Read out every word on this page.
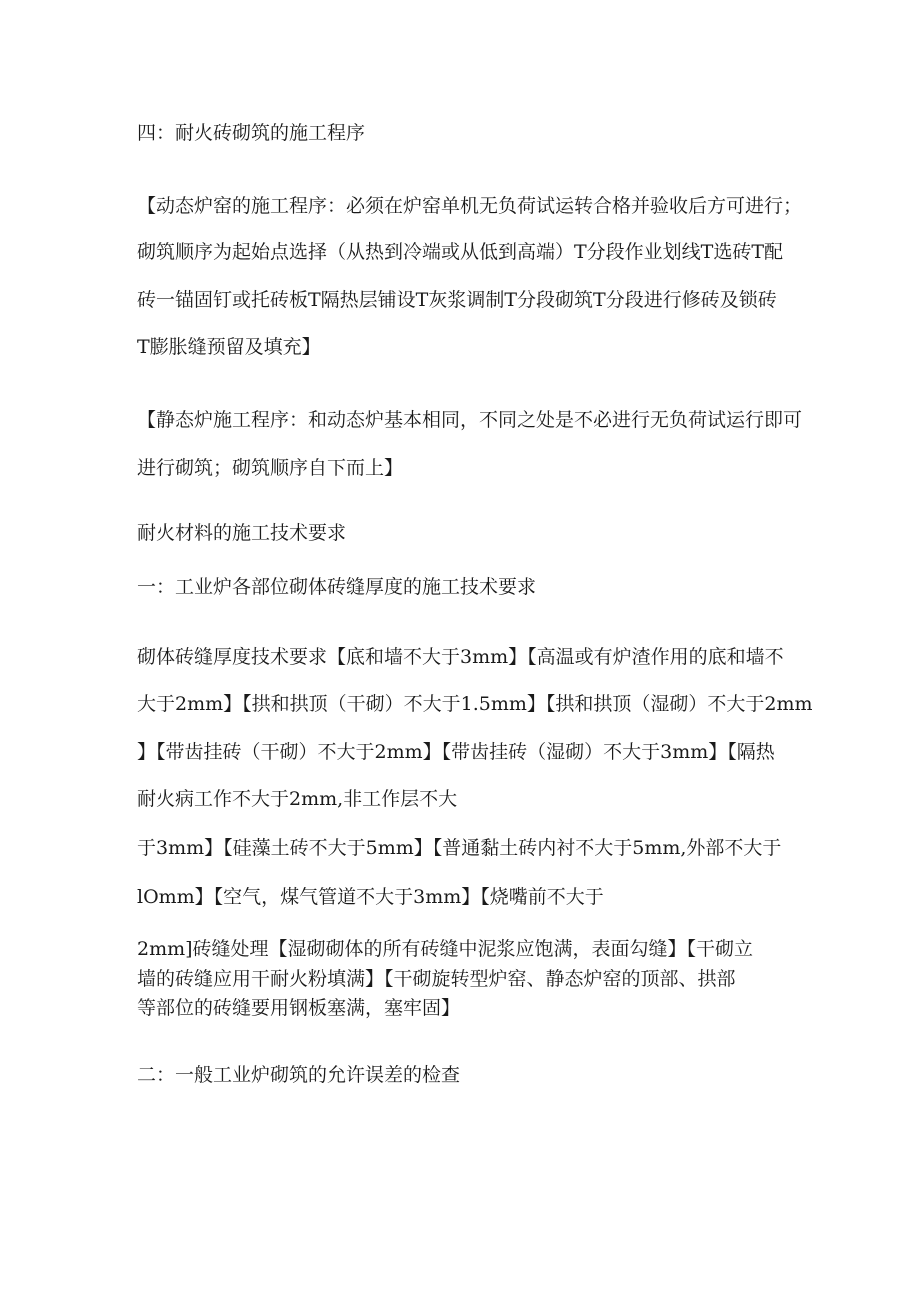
四：耐火砖砌筑的施工程序

【动态炉窑的施工程序：必须在炉窑单机无负荷试运转合格并验收后方可进行；

砌筑顺序为起始点选择（从热到冷端或从低到高端）T分段作业划线T选砖T配

砖一锚固钉或托砖板T隔热层铺设T灰浆调制T分段砌筑T分段进行修砖及锁砖

T膨胀缝预留及填充】

【静态炉施工程序：和动态炉基本相同，不同之处是不必进行无负荷试运行即可

进行砌筑；砌筑顺序自下而上】

耐火材料的施工技术要求

一：工业炉各部位砌体砖缝厚度的施工技术要求

砌体砖缝厚度技术要求【底和墙不大于3mm】【高温或有炉渣作用的底和墙不

大于2mm】【拱和拱顶（干砌）不大于1.5mm】【拱和拱顶（湿砌）不大于2mm

】【带齿挂砖（干砌）不大于2mm】【带齿挂砖（湿砌）不大于3mm】【隔热

耐火病工作不大于2mm,非工作层不大

于3mm】【硅藻土砖不大于5mm】【普通黏土砖内衬不大于5mm,外部不大于

lOmm】【空气，煤气管道不大于3mm】【烧嘴前不大于

2mm]砖缝处理【湿砌砌体的所有砖缝中泥浆应饱满，表面勾缝】【干砌立

墙的砖缝应用干耐火粉填满】【干砌旋转型炉窑、静态炉窑的顶部、拱部

等部位的砖缝要用钢板塞满，塞牢固】

二：一般工业炉砌筑的允许误差的检查
